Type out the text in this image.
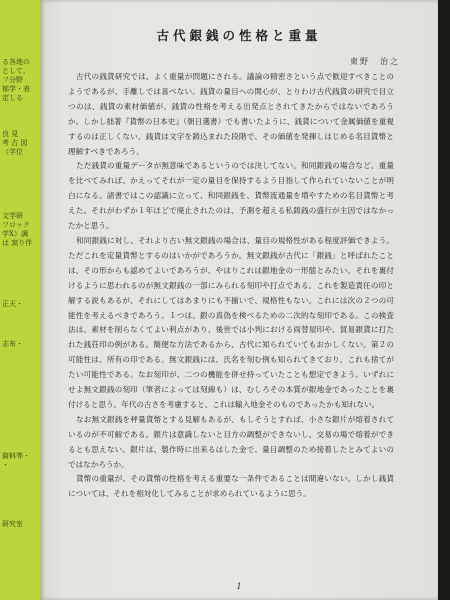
る各地の
として、
フ分野
郁学・表
定しる
良 見
考 古 図
（学位
文学研
フロック
学X）調
は 窯り伴
正天・
志布・
資料等・
・
研究室
古代銀銭の性格と重量
東野　治之

古代の銭貨研究では、よく重量が問題にされる。議論の精密さという点で歓迎すべきことのようであるが、手離しでは喜べない。銭貨の量目への関心が、とりわけ古代銭貨の研究で目立つのは、銭貨の素材価値が、銭貨の性格を考える出発点とされてきたからではないであろうか。しかし拙著『貨幣の日本史』（朝日選書）でも書いたように、銭貨について金属価値を重視するのは正しくない。銭貨は文字を鋳込まれた段階で、その価値を発揮しはじめる名目貨幣と理解すべきであろう。

ただ銭貨の重量データが無意味であるというのでは決してない。和同銀銭の場合など、重量を比べてみれば、かえってそれが一定の量目を保持するよう目指して作られていないことが明白になる。諸書ではこの認識に立って、和同銀銭を、貨幣流通量を増やすための名目貨幣と考えた。それがわずか１年ほどで廃止されたのは、予測を超える私鋳銭の盛行が主因ではなかったかと思う。

和同銀銭に対し、それより古い無文銀銭の場合は、量目の規格性がある程度評価できよう。ただこれを定量貨幣とするのはいかがであろうか。無文銀銭が古代に「銀銭」と呼ばれたことは、その形からも認めてよいであろうが、やはりこれは銀地金の一形態とみたい。それを裏付けるように思われるのが無文銀銭の一部にみられる刻印や打点である。これを製造責任の印と解する説もあるが、それにしてはあまりにも不揃いで、規格性もない。これには次の２つの可能性を考えるべきであろう。１つは、銀の真偽を検べるための二次的な刻印である。この検査法は、素材を削らなくてよい利点があり、後世では小判における両替屋印や、貿易銀貨に打たれた銭荘印の例がある。簡便な方法であるから、古代に知られていてもおかしくない。第２の可能性は、所有の印である。無文銀銭には、氏名を刻む例も知られてきており、これも捨てがたい可能性である。なお刻印が、二つの機能を併せ持っていたことも想定できよう。いずれにせよ無文銀銭の刻印（筆者によっては刻線も）は、むしろその本質が銀地金であったことを裏付けると思う。年代の古さを考慮すると、これは輸入地金そのものであったかも知れない。

なお無文銀銭を秤量貨幣とする見解もあるが、もしそうとすれば、小さな銀片が熔着されているのが不可解である。銀片は意識しないと目方の調整ができないし、交易の場で熔着ができるとも思えない。銀片は、製作時に出来るはした金で、量目調整のため接着したとみてよいのではなかろうか。

貨幣の重量が、その貨幣の性格を考える重要な一条件であることは間違いない。しかし銭貨については、それを相対化してみることが求められているように思う。

1
